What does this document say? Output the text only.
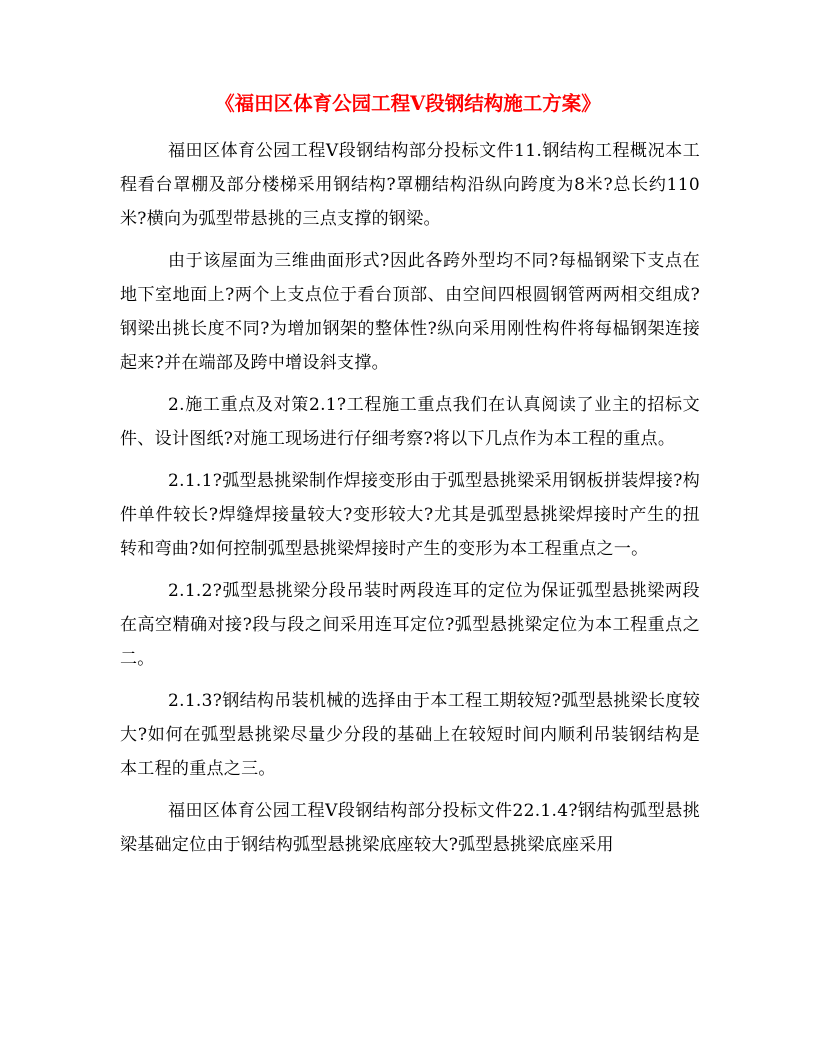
《福田区体育公园工程V段钢结构施工方案》

福田区体育公园工程V段钢结构部分投标文件11.钢结构工程概况本工程看台罩棚及部分楼梯采用钢结构?罩棚结构沿纵向跨度为8米?总长约110米?横向为弧型带悬挑的三点支撑的钢梁。

由于该屋面为三维曲面形式?因此各跨外型均不同?每榀钢梁下支点在地下室地面上?两个上支点位于看台顶部、由空间四根圆钢管两两相交组成?钢梁出挑长度不同?为增加钢架的整体性?纵向采用刚性构件将每榀钢架连接起来?并在端部及跨中增设斜支撑。

2.施工重点及对策2.1?工程施工重点我们在认真阅读了业主的招标文件、设计图纸?对施工现场进行仔细考察?将以下几点作为本工程的重点。

2.1.1?弧型悬挑梁制作焊接变形由于弧型悬挑梁采用钢板拼装焊接?构件单件较长?焊缝焊接量较大?变形较大?尤其是弧型悬挑梁焊接时产生的扭转和弯曲?如何控制弧型悬挑梁焊接时产生的变形为本工程重点之一。

2.1.2?弧型悬挑梁分段吊装时两段连耳的定位为保证弧型悬挑梁两段在高空精确对接?段与段之间采用连耳定位?弧型悬挑梁定位为本工程重点之二。

2.1.3?钢结构吊装机械的选择由于本工程工期较短?弧型悬挑梁长度较大?如何在弧型悬挑梁尽量少分段的基础上在较短时间内顺利吊装钢结构是本工程的重点之三。

福田区体育公园工程V段钢结构部分投标文件22.1.4?钢结构弧型悬挑梁基础定位由于钢结构弧型悬挑梁底座较大?弧型悬挑梁底座采用
